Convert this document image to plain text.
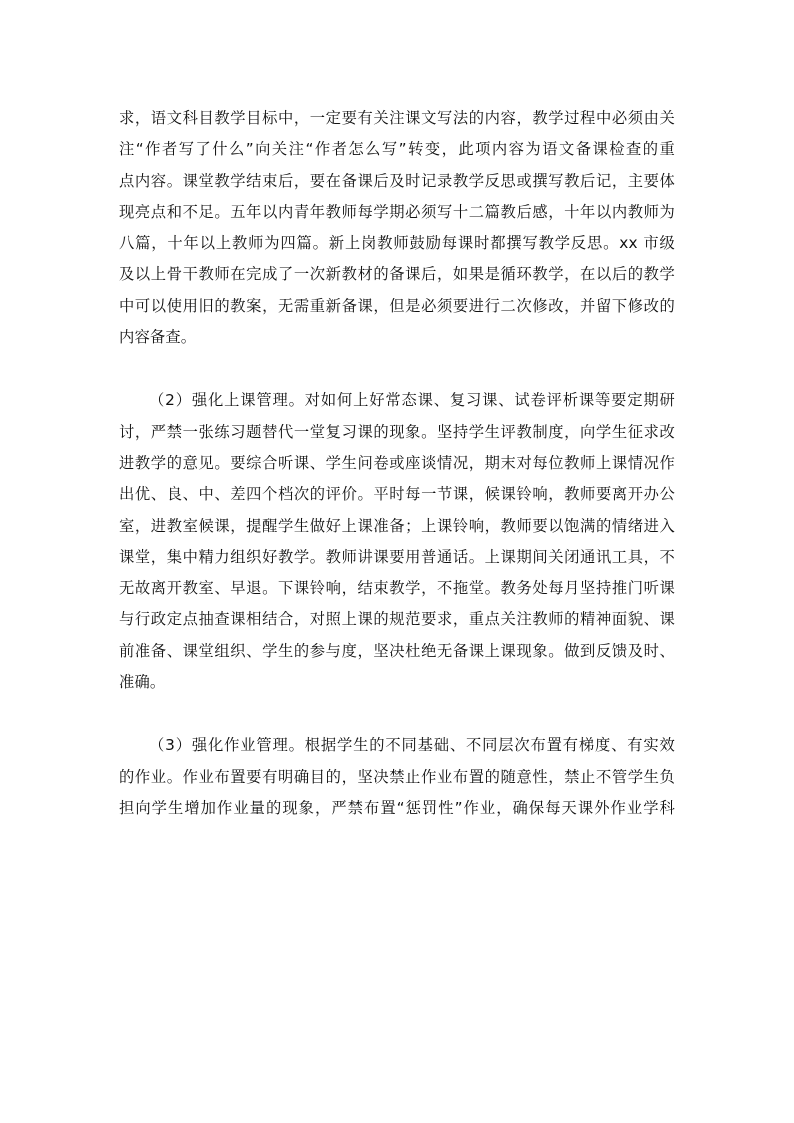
求，语文科目教学目标中，一定要有关注课文写法的内容，教学过程中必须由关
注“作者写了什么”向关注“作者怎么写”转变，此项内容为语文备课检查的重
点内容。课堂教学结束后，要在备课后及时记录教学反思或撰写教后记，主要体
现亮点和不足。五年以内青年教师每学期必须写十二篇教后感，十年以内教师为
八篇，十年以上教师为四篇。新上岗教师鼓励每课时都撰写教学反思。xx 市级
及以上骨干教师在完成了一次新教材的备课后，如果是循环教学，在以后的教学
中可以使用旧的教案，无需重新备课，但是必须要进行二次修改，并留下修改的
内容备查。

（2）强化上课管理。对如何上好常态课、复习课、试卷评析课等要定期研
讨，严禁一张练习题替代一堂复习课的现象。坚持学生评教制度，向学生征求改
进教学的意见。要综合听课、学生问卷或座谈情况，期末对每位教师上课情况作
出优、良、中、差四个档次的评价。平时每一节课，候课铃响，教师要离开办公
室，进教室候课，提醒学生做好上课准备；上课铃响，教师要以饱满的情绪进入
课堂，集中精力组织好教学。教师讲课要用普通话。上课期间关闭通讯工具，不
无故离开教室、早退。下课铃响，结束教学，不拖堂。教务处每月坚持推门听课
与行政定点抽查课相结合，对照上课的规范要求，重点关注教师的精神面貌、课
前准备、课堂组织、学生的参与度，坚决杜绝无备课上课现象。做到反馈及时、
准确。

（3）强化作业管理。根据学生的不同基础、不同层次布置有梯度、有实效
的作业。作业布置要有明确目的，坚决禁止作业布置的随意性，禁止不管学生负
担向学生增加作业量的现象，严禁布置“惩罚性”作业，确保每天课外作业学科
